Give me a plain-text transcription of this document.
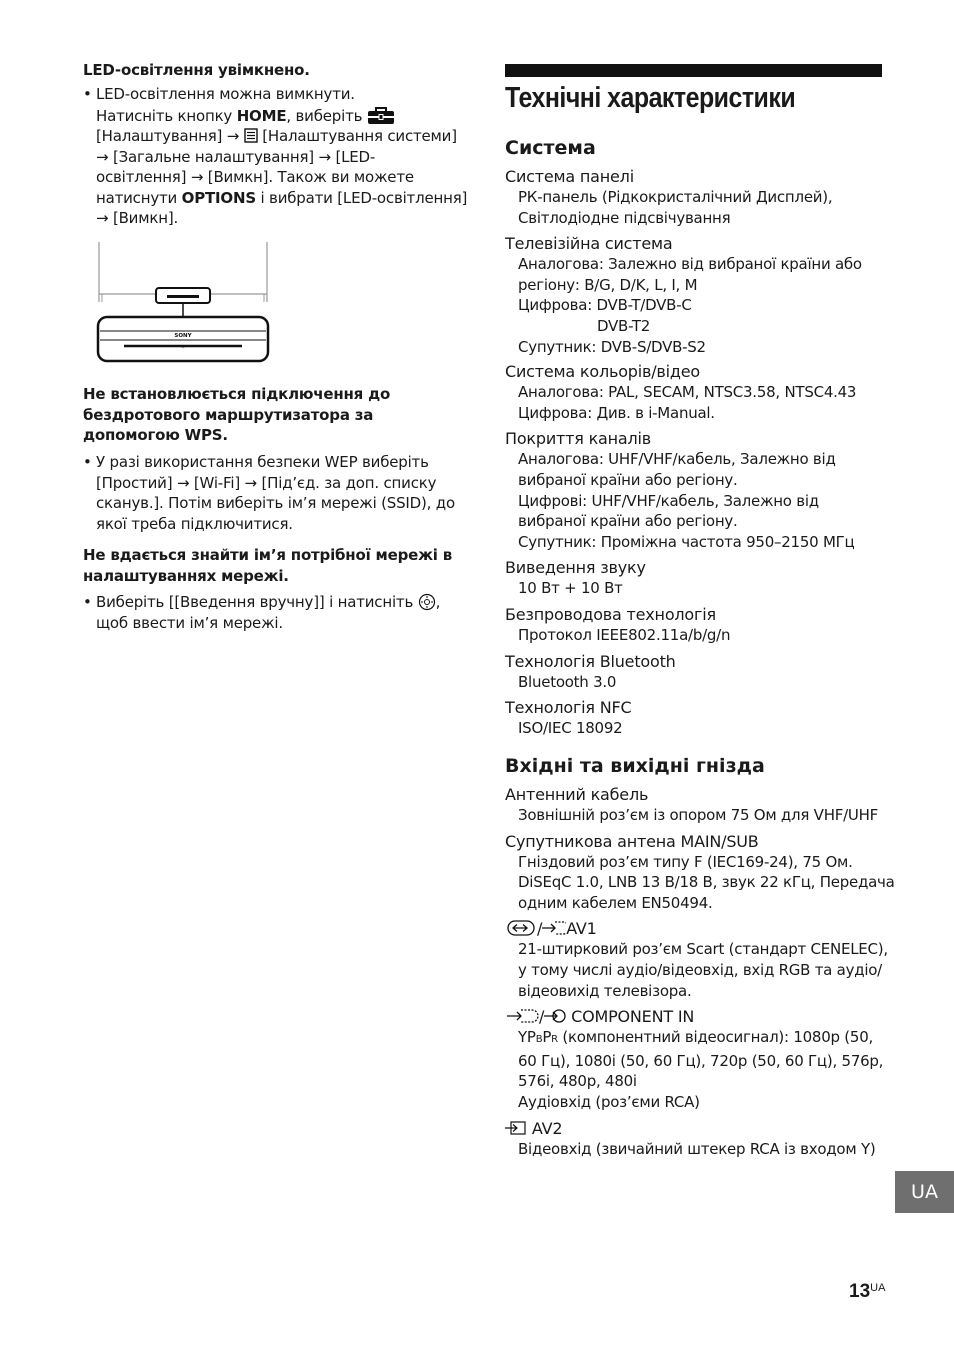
LED-освітлення увімкнено.
• LED-освітлення можна вимкнути.
Натисніть кнопку HOME, виберіть
[Налаштування] → [Налаштування системи]
→ [Загальне налаштування] → [LED-
освітлення] → [Вимкн]. Також ви можете
натиснути OPTIONS і вибрати [LED-освітлення]
→ [Вимкн].
SONY
*
Не встановлюється підключення до
бездротового маршрутизатора за
допомогою WPS.
• У разі використання безпеки WEP виберіть
[Простий] → [Wi-Fi] → [Під’єд. за доп. списку
сканув.]. Потім виберіть ім’я мережі (SSID), до
якої треба підключитися.
Не вдається знайти ім’я потрібної мережі в
налаштуваннях мережі.
• Виберіть [[Введення вручну]] і натисніть ,
щоб ввести ім’я мережі.
Технічні характеристики
Система
Система панелі
РК-панель (Рідкокристалічний Дисплей),
Світлодіодне підсвічування
Телевізійна система
Аналогова: Залежно від вибраної країни або
регіону: B/G, D/K, L, I, M
Цифрова: DVB-T/DVB-C
DVB-T2
Супутник: DVB-S/DVB-S2
Система кольорів/відео
Аналогова: PAL, SECAM, NTSC3.58, NTSC4.43
Цифрова: Див. в i-Manual.
Покриття каналів
Аналогова: UHF/VHF/кабель, Залежно від
вибраної країни або регіону.
Цифрові: UHF/VHF/кабель, Залежно від
вибраної країни або регіону.
Супутник: Проміжна частота 950–2150 МГц
Виведення звуку
10 Вт + 10 Вт
Безпроводова технологія
Протокол IEEE802.11a/b/g/n
Технологія Bluetooth
Bluetooth 3.0
Технологія NFC
ISO/IEC 18092
Вхідні та вихідні гнізда
Антенний кабель
Зовнішній роз’єм із опором 75 Ом для VHF/UHF
Супутникова антена MAIN/SUB
Гніздовий роз’єм типу F (IEC169-24), 75 Ом.
DiSEqC 1.0, LNB 13 В/18 В, звук 22 кГц, Передача
одним кабелем EN50494.
/ AV1
21-штирковий роз’єм Scart (стандарт CENELEC),
у тому числі аудіо/відеовхід, вхід RGB та аудіо/
відеовихід телевізора.
/ COMPONENT IN
YPBPR (компонентний відеосигнал): 1080p (50,
60 Гц), 1080i (50, 60 Гц), 720p (50, 60 Гц), 576p,
576i, 480p, 480i
Аудіовхід (роз’єми RCA)
AV2
Відеовхід (звичайний штекер RCA із входом Y)
UA
$13^{UA}$
